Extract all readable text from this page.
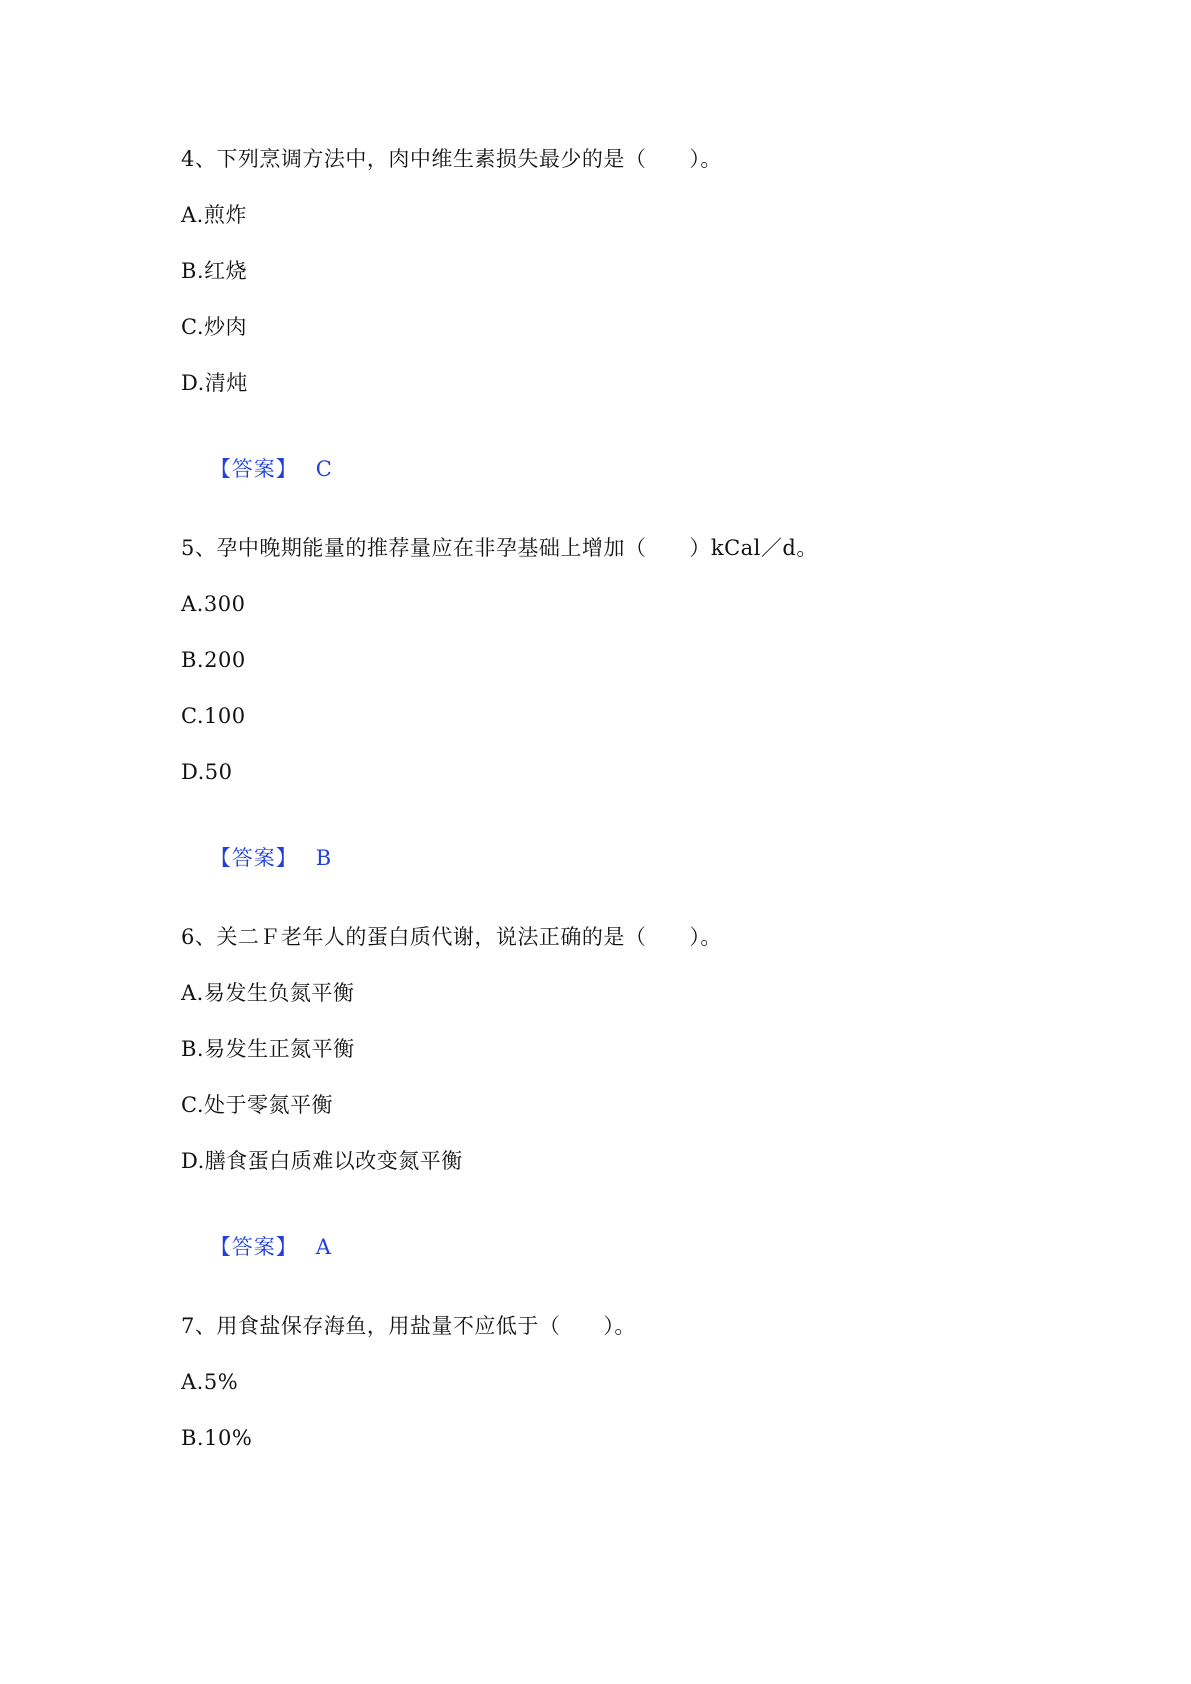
4、下列烹调方法中，肉中维生素损失最少的是（　　）。
A.煎炸
B.红烧
C.炒肉
D.清炖

【答案】 C

5、孕中晚期能量的推荐量应在非孕基础上增加（　　）kCal／d。
A.300
B.200
C.100
D.50

【答案】 B

6、关二Ｆ老年人的蛋白质代谢，说法正确的是（　　）。
A.易发生负氮平衡
B.易发生正氮平衡
C.处于零氮平衡
D.膳食蛋白质难以改变氮平衡

【答案】 A

7、用食盐保存海鱼，用盐量不应低于（　　）。
A.5%
B.10%
